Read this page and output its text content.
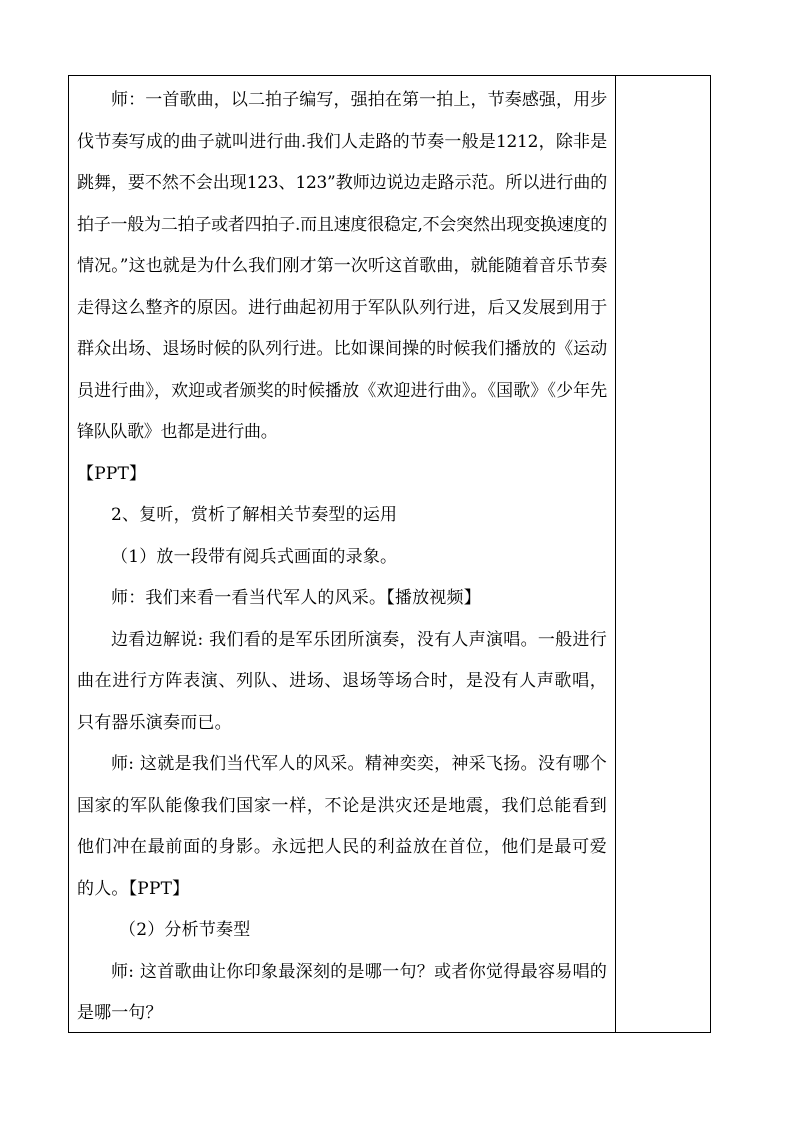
师：一首歌曲，以二拍子编写，强拍在第一拍上，节奏感强，用步伐节奏写成的曲子就叫进行曲.我们人走路的节奏一般是1212，除非是跳舞，要不然不会出现123、123”教师边说边走路示范。所以进行曲的拍子一般为二拍子或者四拍子.而且速度很稳定,不会突然出现变换速度的情况。”这也就是为什么我们刚才第一次听这首歌曲，就能随着音乐节奏走得这么整齐的原因。进行曲起初用于军队队列行进，后又发展到用于群众出场、退场时候的队列行进。比如课间操的时候我们播放的《运动员进行曲》，欢迎或者颁奖的时候播放《欢迎进行曲》。《国歌》《少年先锋队队歌》也都是进行曲。

【PPT】

2、复听，赏析了解相关节奏型的运用

（1）放一段带有阅兵式画面的录象。

师：我们来看一看当代军人的风采。【播放视频】

边看边解说: 我们看的是军乐团所演奏，没有人声演唱。一般进行曲在进行方阵表演、列队、进场、退场等场合时，是没有人声歌唱，只有器乐演奏而已。

师: 这就是我们当代军人的风采。精神奕奕，神采飞扬。没有哪个国家的军队能像我们国家一样，不论是洪灾还是地震，我们总能看到他们冲在最前面的身影。永远把人民的利益放在首位，他们是最可爱的人。【PPT】

（2）分析节奏型

师: 这首歌曲让你印象最深刻的是哪一句？或者你觉得最容易唱的是哪一句？
